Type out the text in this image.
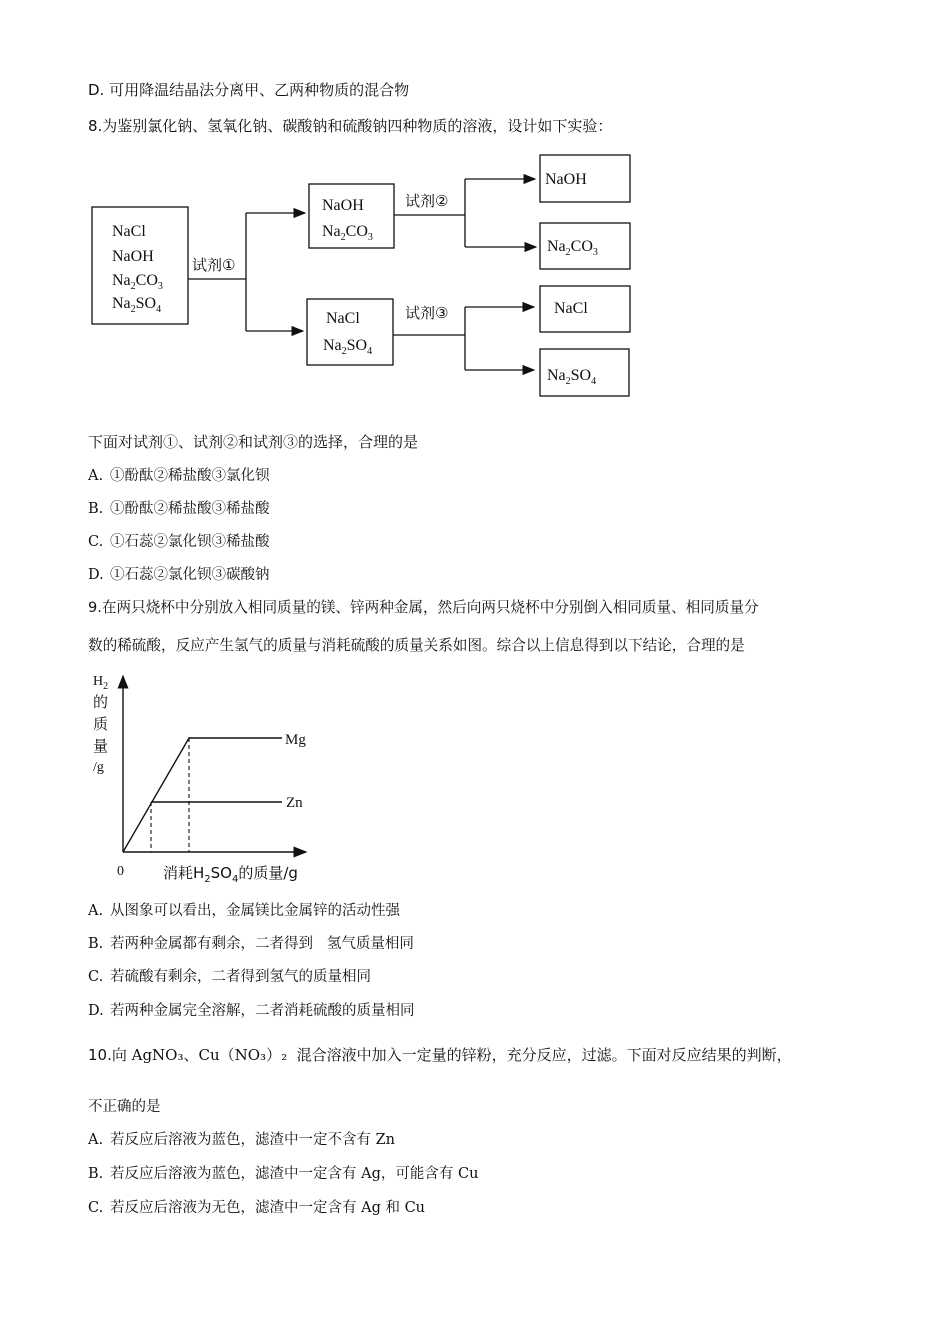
D. 可用降温结晶法分离甲、乙两种物质的混合物
8.为鉴别氯化钠、氢氧化钠、碳酸钠和硫酸钠四种物质的溶液，设计如下实验：
NaCl
NaOH
$Na_2CO_3$
$Na_2SO_4$
试剂①
NaOH
$Na_2CO_3$
NaCl
$Na_2SO_4$
试剂②
试剂③
NaOH
$Na_2CO_3$
NaCl
$Na_2SO_4$
下面对试剂①、试剂②和试剂③的选择，合理的是
A. ①酚酞②稀盐酸③氯化钡
B. ①酚酞②稀盐酸③稀盐酸
C. ①石蕊②氯化钡③稀盐酸
D. ①石蕊②氯化钡③碳酸钠
9.在两只烧杯中分别放入相同质量的镁、锌两种金属，然后向两只烧杯中分别倒入相同质量、相同质量分
数的稀硫酸，反应产生氢气的质量与消耗硫酸的质量关系如图。综合以上信息得到以下结论，合理的是
$H_2$
的
质
量
/g
0	消耗$H_2SO_4$的质量/g
Mg
Zn
A. 从图象可以看出，金属镁比金属锌的活动性强
B. 若两种金属都有剩余，二者得到   氢气质量相同
C. 若硫酸有剩余，二者得到氢气的质量相同
D. 若两种金属完全溶解，二者消耗硫酸的质量相同
10.向 AgNO₃、Cu（NO₃）₂  混合溶液中加入一定量的锌粉，充分反应，过滤。下面对反应结果的判断，
不正确的是
A. 若反应后溶液为蓝色，滤渣中一定不含有 Zn
B. 若反应后溶液为蓝色，滤渣中一定含有 Ag，可能含有 Cu
C. 若反应后溶液为无色，滤渣中一定含有 Ag 和 Cu
